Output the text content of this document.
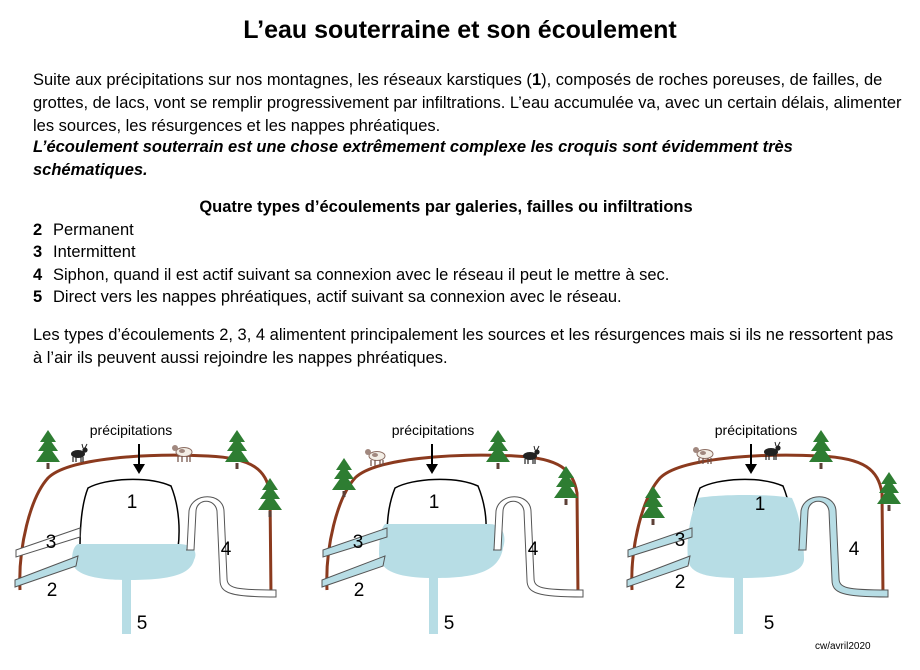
L’eau souterraine et son écoulement

Suite aux précipitations sur nos montagnes, les réseaux karstiques (1), composés de roches poreuses, de failles, de grottes, de lacs, vont se remplir progressivement par infiltrations. L’eau accumulée va, avec un certain délais, alimenter les sources, les résurgences et les nappes phréatiques.

L’écoulement souterrain est une chose extrêmement complexe les croquis sont évidemment très schématiques.

Quatre types d’écoulements par galeries, failles ou infiltrations
2 Permanent
3 Intermittent
4 Siphon, quand il est actif suivant sa connexion avec le réseau il peut le mettre à sec.
5 Direct vers les nappes phréatiques, actif suivant sa connexion avec le réseau.

Les types d’écoulements 2, 3, 4 alimentent principalement les sources et les résurgences mais si ils ne ressortent pas à l’air ils peuvent aussi rejoindre les nappes phréatiques.

précipitations
1
2
3	4
5
précipitations
1
2
3	4
5
précipitations
1
2
3	4
5
cw/avril2020
